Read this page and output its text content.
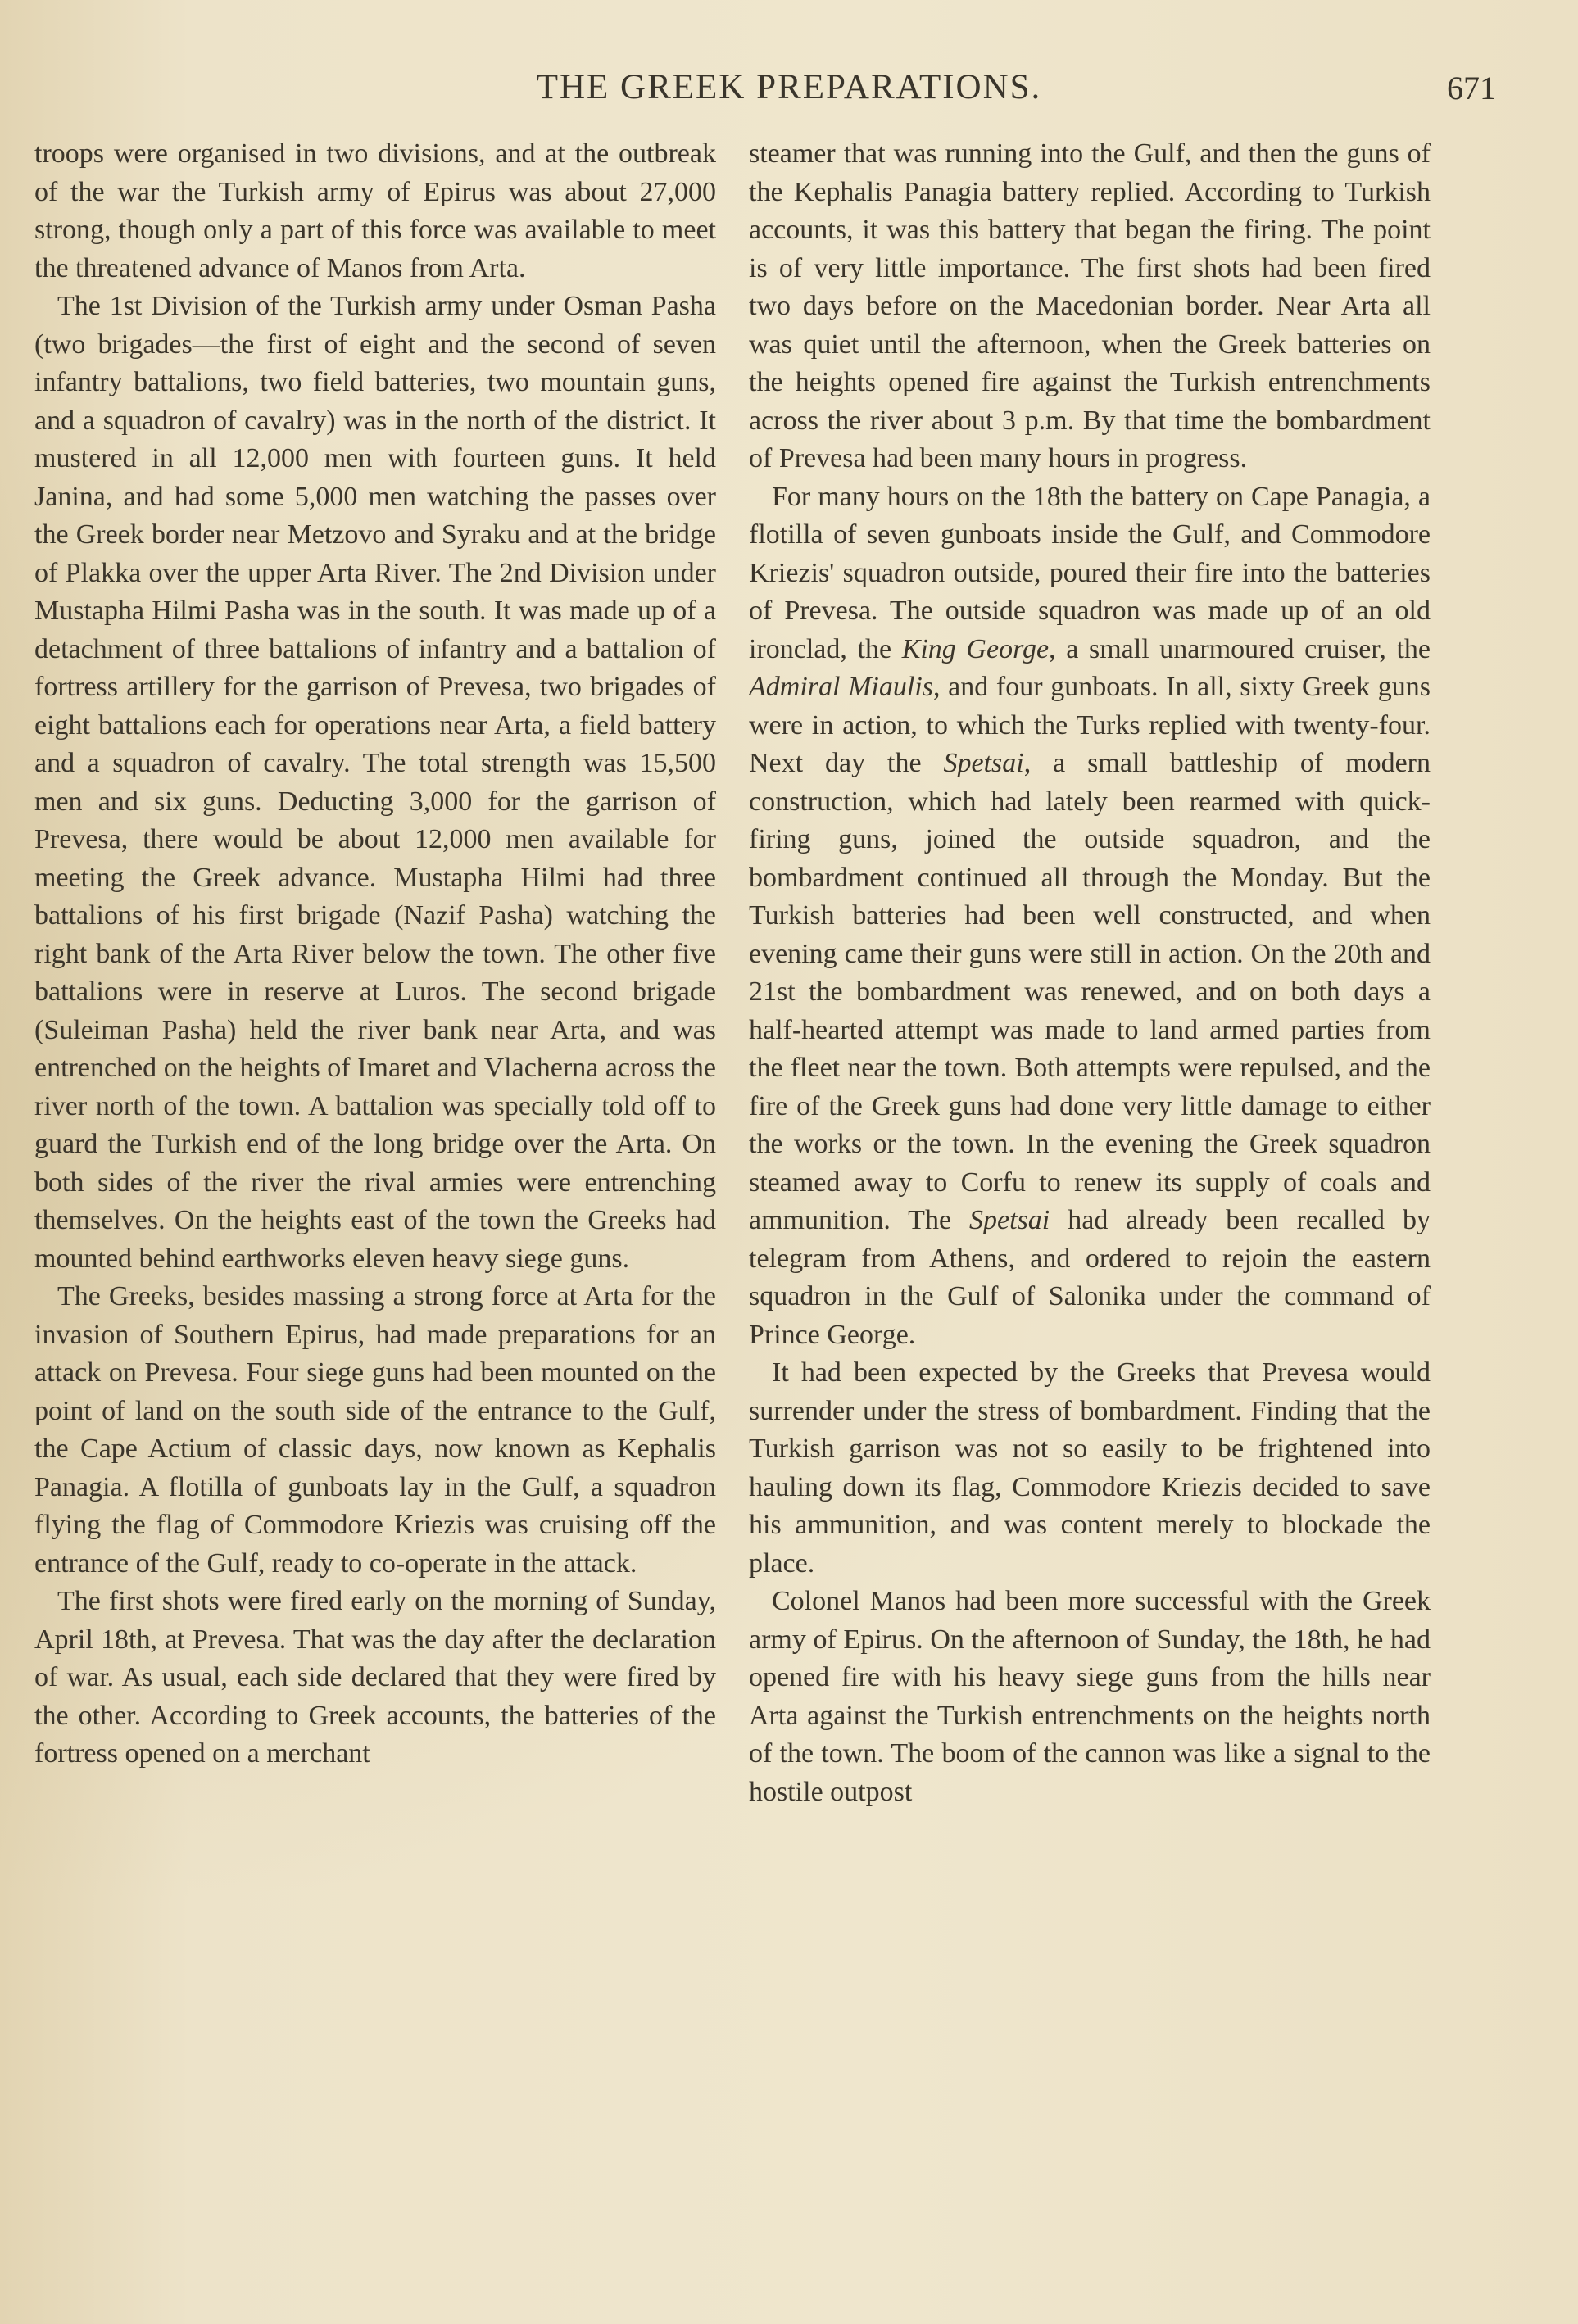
THE GREEK PREPARATIONS.	671

troops were organised in two divisions, and at the outbreak of the war the Turkish army of Epirus was about 27,000 strong, though only a part of this force was available to meet the threatened advance of Manos from Arta.

The 1st Division of the Turkish army under Osman Pasha (two brigades—the first of eight and the second of seven infantry battalions, two field batteries, two mountain guns, and a squadron of cavalry) was in the north of the district. It mustered in all 12,000 men with fourteen guns. It held Janina, and had some 5,000 men watching the passes over the Greek border near Metzovo and Syraku and at the bridge of Plakka over the upper Arta River. The 2nd Division under Mustapha Hilmi Pasha was in the south. It was made up of a detachment of three battalions of infantry and a battalion of fortress artillery for the garrison of Prevesa, two brigades of eight battalions each for operations near Arta, a field battery and a squadron of cavalry. The total strength was 15,500 men and six guns. Deducting 3,000 for the garrison of Prevesa, there would be about 12,000 men available for meeting the Greek advance. Mustapha Hilmi had three battalions of his first brigade (Nazif Pasha) watching the right bank of the Arta River below the town. The other five battalions were in reserve at Luros. The second brigade (Suleiman Pasha) held the river bank near Arta, and was entrenched on the heights of Imaret and Vlacherna across the river north of the town. A battalion was specially told off to guard the Turkish end of the long bridge over the Arta. On both sides of the river the rival armies were entrenching themselves. On the heights east of the town the Greeks had mounted behind earthworks eleven heavy siege guns.

The Greeks, besides massing a strong force at Arta for the invasion of Southern Epirus, had made preparations for an attack on Prevesa. Four siege guns had been mounted on the point of land on the south side of the entrance to the Gulf, the Cape Actium of classic days, now known as Kephalis Panagia. A flotilla of gunboats lay in the Gulf, a squadron flying the flag of Commodore Kriezis was cruising off the entrance of the Gulf, ready to co-operate in the attack.

The first shots were fired early on the morning of Sunday, April 18th, at Prevesa. That was the day after the declaration of war. As usual, each side declared that they were fired by the other. According to Greek accounts, the batteries of the fortress opened on a merchant

steamer that was running into the Gulf, and then the guns of the Kephalis Panagia battery replied. According to Turkish accounts, it was this battery that began the firing. The point is of very little importance. The first shots had been fired two days before on the Macedonian border. Near Arta all was quiet until the afternoon, when the Greek batteries on the heights opened fire against the Turkish entrenchments across the river about 3 p.m. By that time the bombardment of Prevesa had been many hours in progress.

For many hours on the 18th the battery on Cape Panagia, a flotilla of seven gunboats inside the Gulf, and Commodore Kriezis' squadron outside, poured their fire into the batteries of Prevesa. The outside squadron was made up of an old ironclad, the King George, a small unarmoured cruiser, the Admiral Miaulis, and four gunboats. In all, sixty Greek guns were in action, to which the Turks replied with twenty-four. Next day the Spetsai, a small battleship of modern construction, which had lately been rearmed with quick-firing guns, joined the outside squadron, and the bombardment continued all through the Monday. But the Turkish batteries had been well constructed, and when evening came their guns were still in action. On the 20th and 21st the bombardment was renewed, and on both days a half-hearted attempt was made to land armed parties from the fleet near the town. Both attempts were repulsed, and the fire of the Greek guns had done very little damage to either the works or the town. In the evening the Greek squadron steamed away to Corfu to renew its supply of coals and ammunition. The Spetsai had already been recalled by telegram from Athens, and ordered to rejoin the eastern squadron in the Gulf of Salonika under the command of Prince George.

It had been expected by the Greeks that Prevesa would surrender under the stress of bombardment. Finding that the Turkish garrison was not so easily to be frightened into hauling down its flag, Commodore Kriezis decided to save his ammunition, and was content merely to blockade the place.

Colonel Manos had been more successful with the Greek army of Epirus. On the afternoon of Sunday, the 18th, he had opened fire with his heavy siege guns from the hills near Arta against the Turkish entrenchments on the heights north of the town. The boom of the cannon was like a signal to the hostile outpost
